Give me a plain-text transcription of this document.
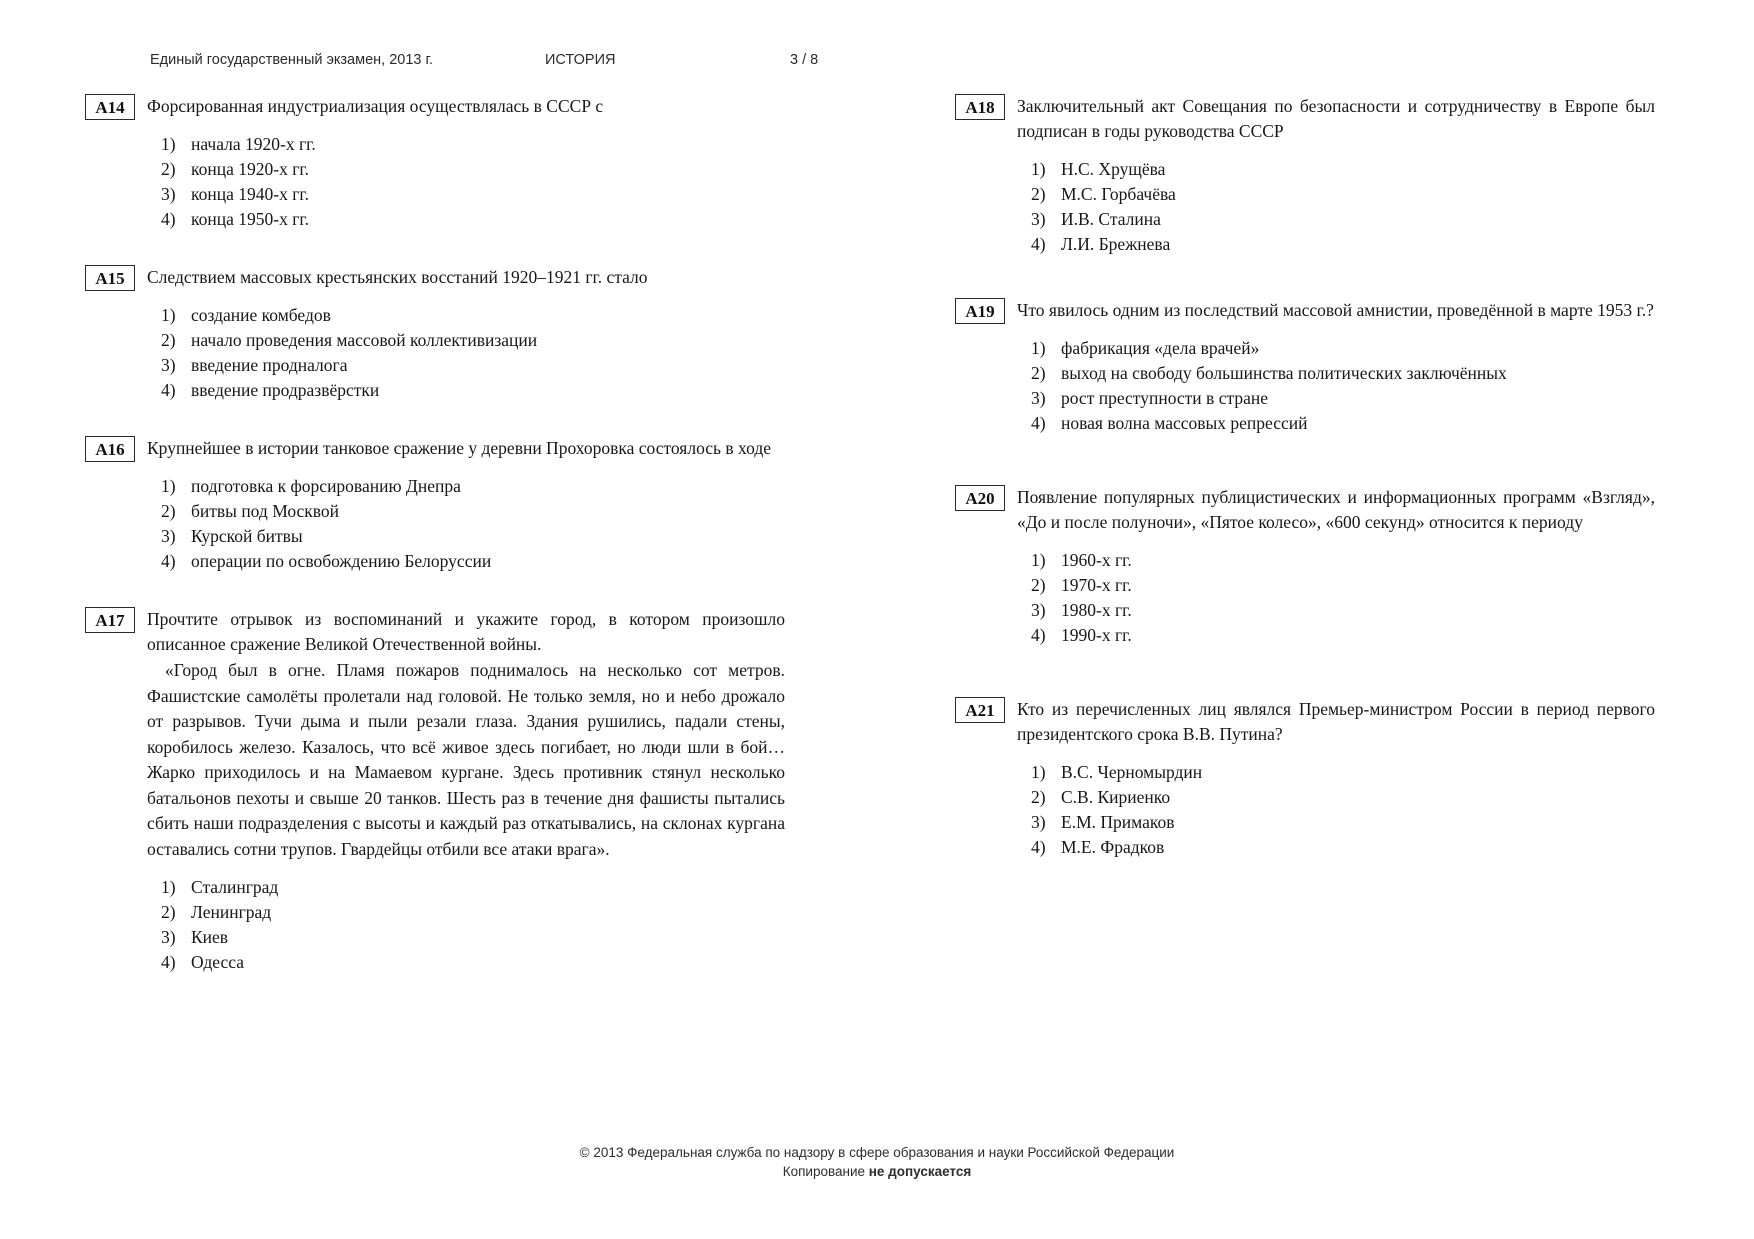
Единый государственный экзамен, 2013 г.	ИСТОРИЯ	3 / 8
A14	Форсированная индустриализация осуществлялась в СССР с
1) начала 1920-х гг.
2) конца 1920-х гг.
3) конца 1940-х гг.
4) конца 1950-х гг.
A15	Следствием массовых крестьянских восстаний 1920–1921 гг. стало
1) создание комбедов
2) начало проведения массовой коллективизации
3) введение продналога
4) введение продразвёрстки
A16	Крупнейшее в истории танковое сражение у деревни Прохоровка состоялось в ходе
1) подготовка к форсированию Днепра
2) битвы под Москвой
3) Курской битвы
4) операции по освобождению Белоруссии
A17	Прочтите отрывок из воспоминаний и укажите город, в котором произошло описанное сражение Великой Отечественной войны.
«Город был в огне. Пламя пожаров поднималось на несколько сот метров. Фашистские самолёты пролетали над головой. Не только земля, но и небо дрожало от разрывов. Тучи дыма и пыли резали глаза. Здания рушились, падали стены, коробилось железо. Казалось, что всё живое здесь погибает, но люди шли в бой… Жарко приходилось и на Мамаевом кургане. Здесь противник стянул несколько батальонов пехоты и свыше 20 танков. Шесть раз в течение дня фашисты пытались сбить наши подразделения с высоты и каждый раз откатывались, на склонах кургана оставались сотни трупов. Гвардейцы отбили все атаки врага».
1) Сталинград
2) Ленинград
3) Киев
4) Одесса
A18	Заключительный акт Совещания по безопасности и сотрудничеству в Европе был подписан в годы руководства СССР
1) Н.С. Хрущёва
2) М.С. Горбачёва
3) И.В. Сталина
4) Л.И. Брежнева
A19	Что явилось одним из последствий массовой амнистии, проведённой в марте 1953 г.?
1) фабрикация «дела врачей»
2) выход на свободу большинства политических заключённых
3) рост преступности в стране
4) новая волна массовых репрессий
A20	Появление популярных публицистических и информационных программ «Взгляд», «До и после полуночи», «Пятое колесо», «600 секунд» относится к периоду
1) 1960-х гг.
2) 1970-х гг.
3) 1980-х гг.
4) 1990-х гг.
A21	Кто из перечисленных лиц являлся Премьер-министром России в период первого президентского срока В.В. Путина?
1) В.С. Черномырдин
2) С.В. Кириенко
3) Е.М. Примаков
4) М.Е. Фрадков
© 2013 Федеральная служба по надзору в сфере образования и науки Российской Федерации
Копирование не допускается
